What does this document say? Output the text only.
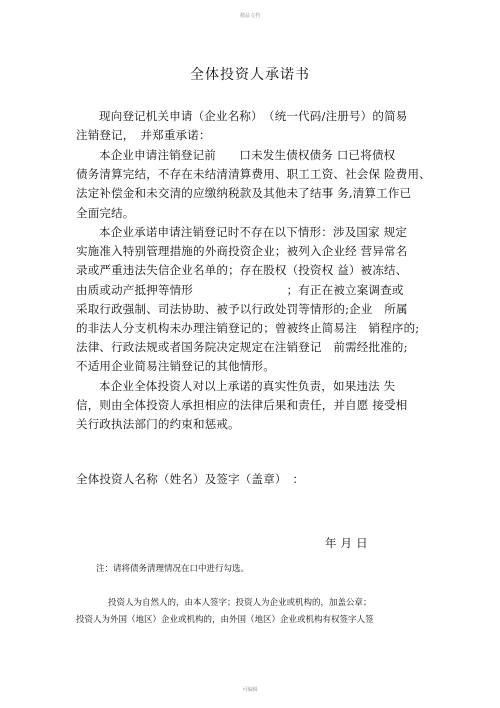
精品文档
全体投资人承诺书
现向登记机关申请（企业名称）　（统一代码/注册号）的简易
注销登记，　并郑重承诺：
本企业申请注销登记前　　口未发生债权债务 口已将债权
债务清算完结，不存在未结清清算费用、职工工资、社会保 险费用、
法定补偿金和未交清的应缴纳税款及其他未了结事 务,清算工作已
全面完结。
本企业承诺申请注销登记时不存在以下情形：涉及国家 规定
实施准入特别管理措施的外商投资企业；被列入企业经 营异常名
录或严重违法失信企业名单的；存在股权（投资权 益）被冻结、
由质或动产抵押等情形　　　　　　　　；有正在被立案调查或
采取行政强制、司法协助、被予以行政处罚等情形的;企业　所属
的非法人分支机构未办理注销登记的；曾被终止简易注　销程序的;
法律、行政法规或者国务院决定规定在注销登记　前需经批准的;
不适用企业简易注销登记的其他情形。
本企业全体投资人对以上承诺的真实性负责，如果违法 失
信，则由全体投资人承担相应的法律后果和责任，并自愿 接受相
关行政执法部门的约束和惩戒。
全体投资人名称（姓名）及签字（盖章）　：
年 月 日
注：请将债务清理情况在口中进行勾选。
投资人为自然人的，由本人签字；投资人为企业或机构的，加盖公章；
投资人为外国（地区）企业或机构的，由外国（地区）企业或机构有权签字人签
可编辑
